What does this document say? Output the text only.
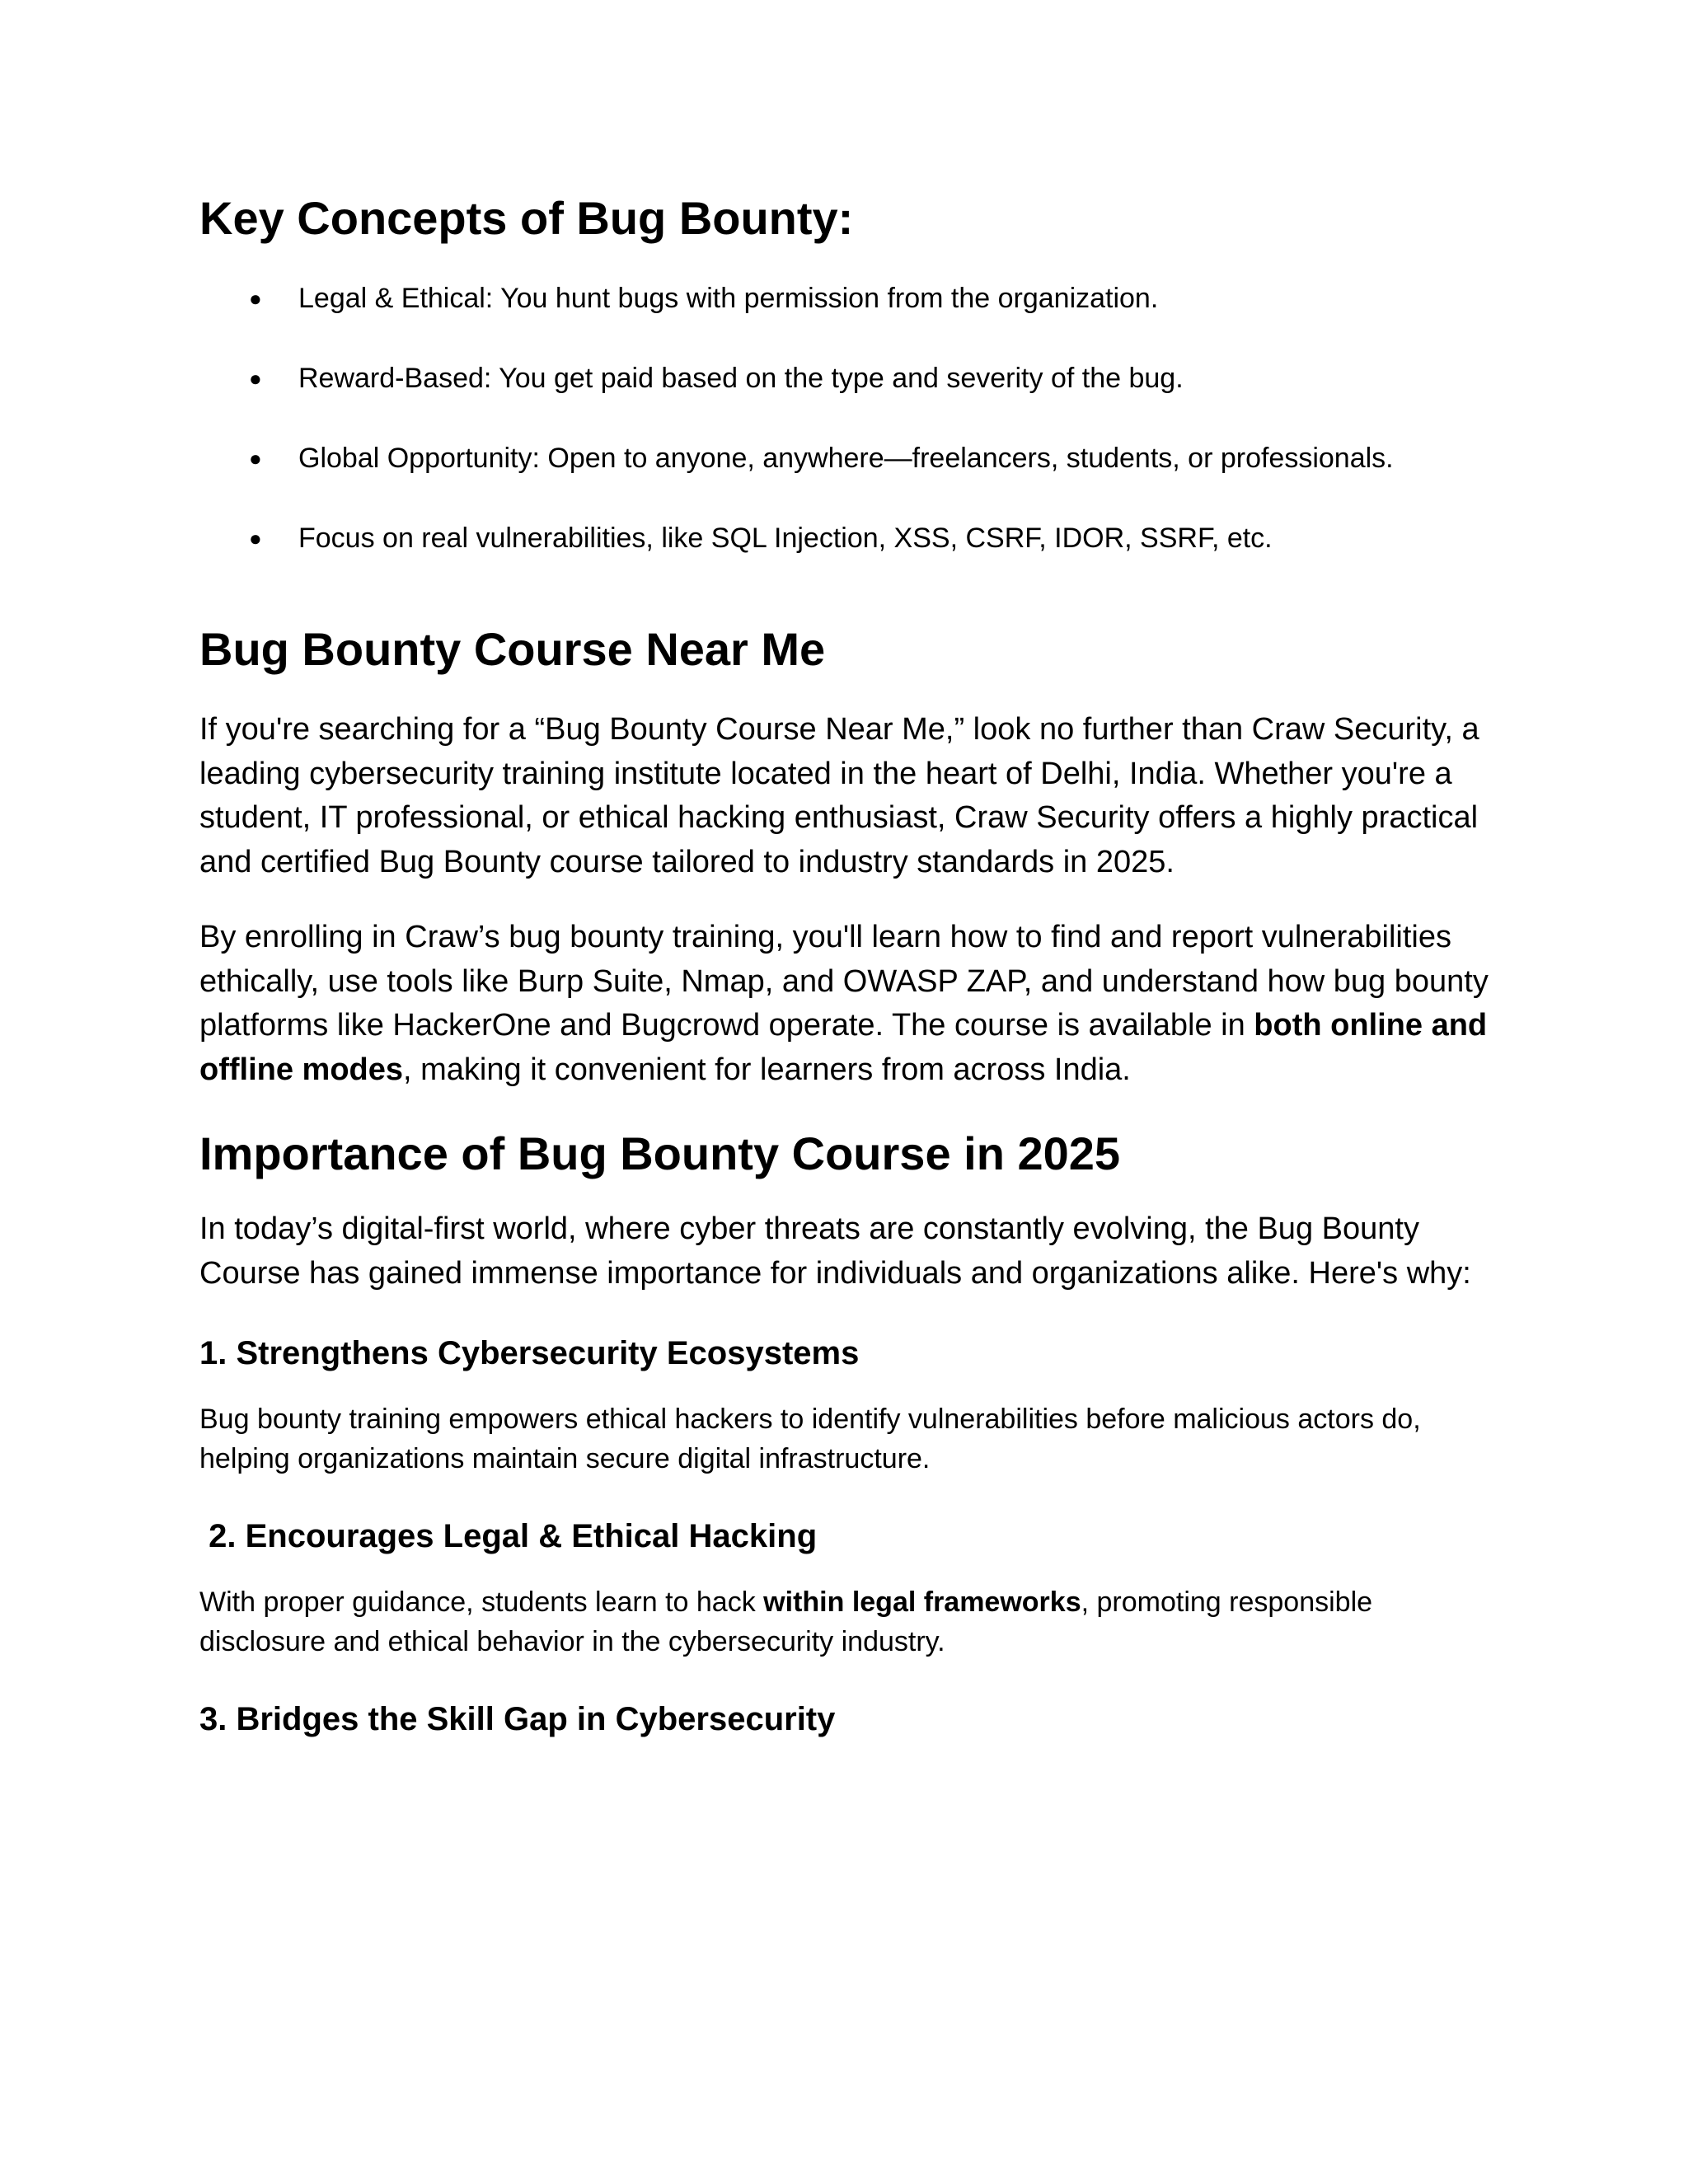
Key Concepts of Bug Bounty:
● Legal & Ethical: You hunt bugs with permission from the organization.
● Reward-Based: You get paid based on the type and severity of the bug.
● Global Opportunity: Open to anyone, anywhere—freelancers, students, or professionals.
● Focus on real vulnerabilities, like SQL Injection, XSS, CSRF, IDOR, SSRF, etc.
Bug Bounty Course Near Me

If you're searching for a “Bug Bounty Course Near Me,” look no further than Craw Security, a leading cybersecurity training institute located in the heart of Delhi, India. Whether you're a student, IT professional, or ethical hacking enthusiast, Craw Security offers a highly practical and certified Bug Bounty course tailored to industry standards in 2025.

By enrolling in Craw’s bug bounty training, you'll learn how to find and report vulnerabilities ethically, use tools like Burp Suite, Nmap, and OWASP ZAP, and understand how bug bounty platforms like HackerOne and Bugcrowd operate. The course is available in both online and offline modes, making it convenient for learners from across India.

Importance of Bug Bounty Course in 2025

In today’s digital-first world, where cyber threats are constantly evolving, the Bug Bounty Course has gained immense importance for individuals and organizations alike. Here's why:

1. Strengthens Cybersecurity Ecosystems

Bug bounty training empowers ethical hackers to identify vulnerabilities before malicious actors do, helping organizations maintain secure digital infrastructure.

2. Encourages Legal & Ethical Hacking

With proper guidance, students learn to hack within legal frameworks, promoting responsible disclosure and ethical behavior in the cybersecurity industry.

3. Bridges the Skill Gap in Cybersecurity
